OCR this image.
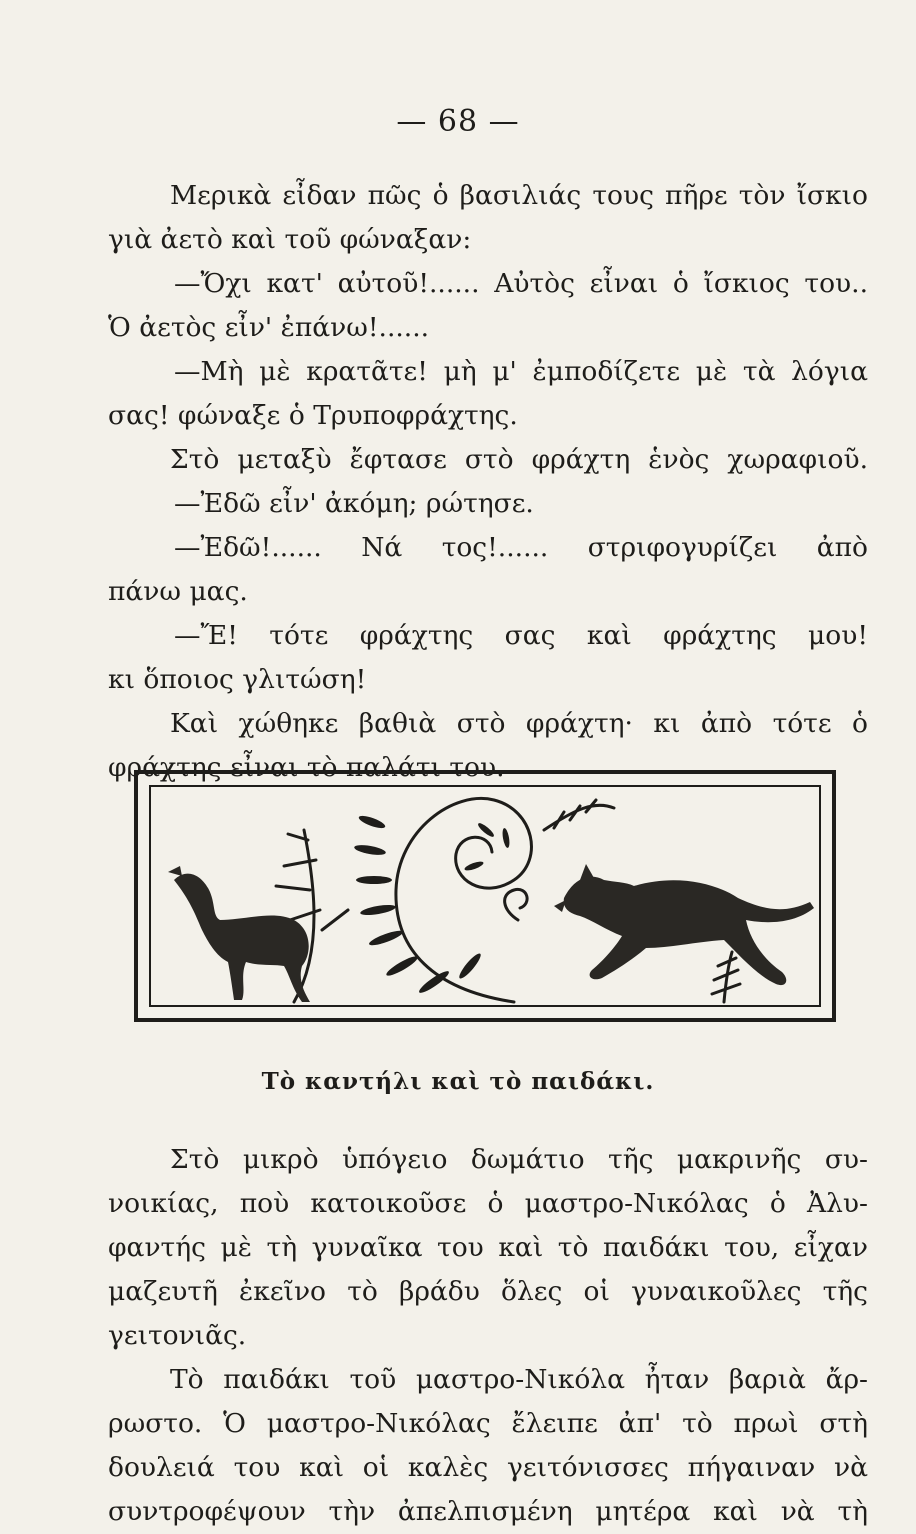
— 68 —
Μερικὰ εἶδαν πῶς ὁ βασιλιάς τους πῆρε τὸν ἴσκιο
γιὰ ἀετὸ καὶ τοῦ φώναξαν:
—Ὄχι κατ' αὐτοῦ!...... Αὐτὸς εἶναι ὁ ἴσκιος του..
Ὁ ἀετὸς εἶν' ἐπάνω!......
—Μὴ μὲ κρατᾶτε! μὴ μ' ἐμποδίζετε μὲ τὰ λόγια
σας! φώναξε ὁ Τρυποφράχτης.
Στὸ μεταξὺ ἔφτασε στὸ φράχτη ἑνὸς χωραφιοῦ.
—Ἐδῶ εἶν' ἀκόμη; ρώτησε.
—Ἐδῶ!...... Νά τος!...... στριφογυρίζει ἀπὸ
πάνω μας.
—Ἔ! τότε φράχτης σας καὶ φράχτης μου!
κι ὅποιος γλιτώση!
Καὶ χώθηκε βαθιὰ στὸ φράχτη· κι ἀπὸ τότε ὁ
φράχτης εἶναι τὸ παλάτι του.
Τὸ καντήλι καὶ τὸ παιδάκι.
Στὸ μικρὸ ὑπόγειο δωμάτιο τῆς μακρινῆς συ-
νοικίας, ποὺ κατοικοῦσε ὁ μαστρο-Νικόλας ὁ Ἀλυ-
φαντής μὲ τὴ γυναῖκα του καὶ τὸ παιδάκι του, εἶχαν
μαζευτῆ ἐκεῖνο τὸ βράδυ ὅλες οἱ γυναικοῦλες τῆς
γειτονιᾶς.
Τὸ παιδάκι τοῦ μαστρο-Νικόλα ἦταν βαριὰ ἄρ-
ρωστο. Ὁ μαστρο-Νικόλας ἔλειπε ἀπ' τὸ πρωὶ στὴ
δουλειά του καὶ οἱ καλὲς γειτόνισσες πήγαιναν νὰ
συντροφέψουν τὴν ἀπελπισμένη μητέρα καὶ νὰ τὴ
